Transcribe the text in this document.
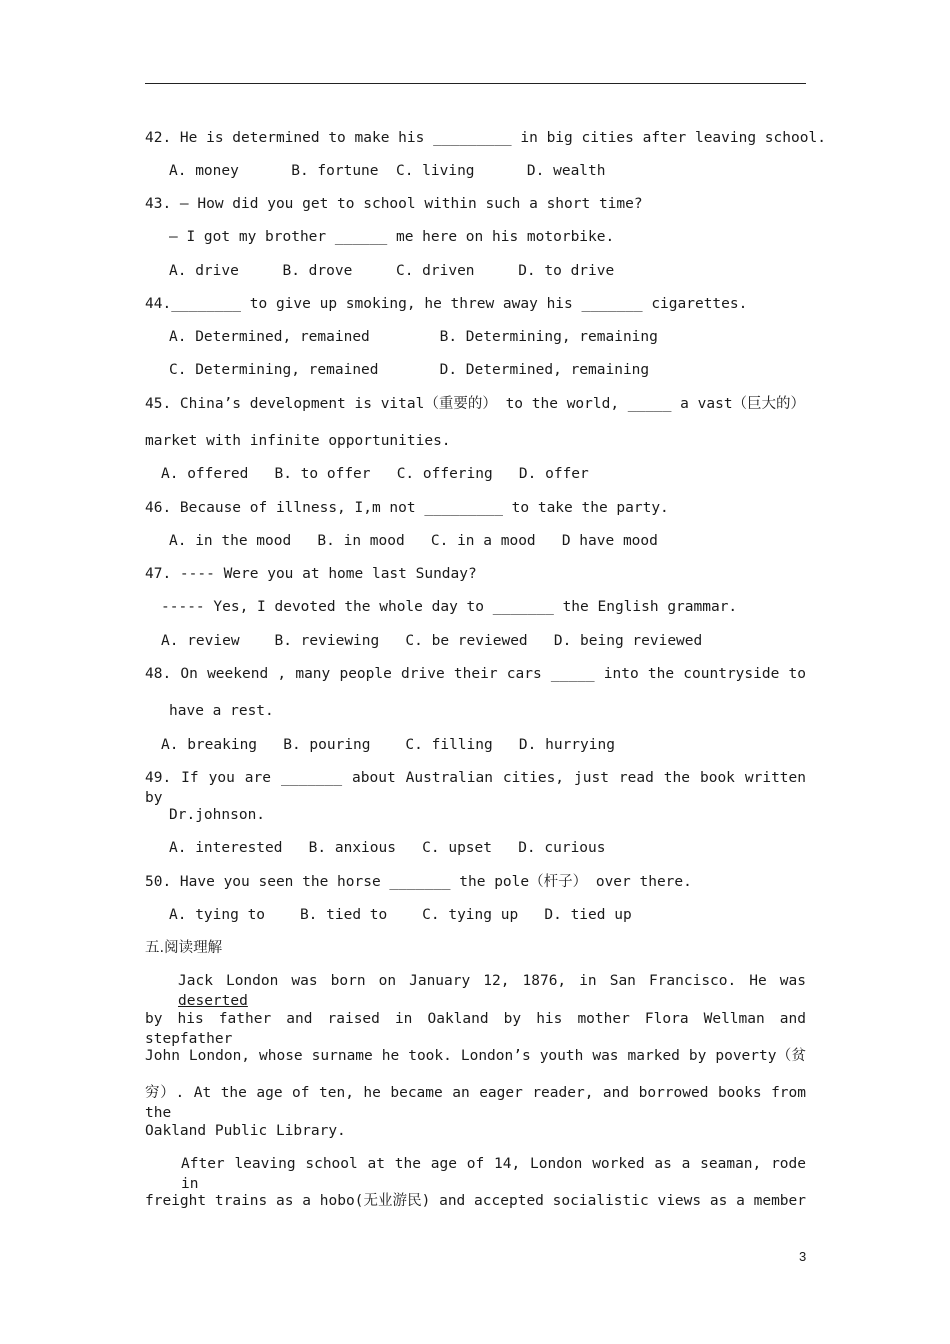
42. He is determined to make his _________ in big cities after leaving school.
A. money      B. fortune  C. living      D. wealth
43. — How did you get to school within such a short time?
— I got my brother ______ me here on his motorbike.
A. drive     B. drove     C. driven     D. to drive
44.________ to give up smoking, he threw away his _______ cigarettes.
A. Determined, remained        B. Determining, remaining
C. Determining, remained       D. Determined, remaining
45. China’s development is vital（重要的） to the world, _____ a vast（巨大的）
market with infinite opportunities.
A. offered   B. to offer   C. offering   D. offer
46. Because of illness, I,m not _________ to take the party.
A. in the mood   B. in mood   C. in a mood   D have mood
47. ---- Were you at home last Sunday?
----- Yes, I devoted the whole day to _______ the English grammar.
A. review    B. reviewing   C. be reviewed   D. being reviewed
48. On weekend , many people drive their cars _____ into the countryside to
have a rest.
A. breaking   B. pouring    C. filling   D. hurrying
49. If you are _______ about Australian cities, just read the book written by
Dr.johnson.
A. interested   B. anxious   C. upset   D. curious
50. Have you seen the horse _______ the pole（杆子） over there.
A. tying to    B. tied to    C. tying up   D. tied up
五.阅读理解
Jack London was born on January 12, 1876, in San Francisco. He was deserted
by his father and raised in Oakland by his mother Flora Wellman and stepfather
John London, whose surname he took. London’s youth was marked by poverty（贫
穷）. At the age of ten, he became an eager reader, and borrowed books from the
Oakland Public Library.
After leaving school at the age of 14, London worked as a seaman, rode in
freight trains as a hobo(无业游民) and accepted socialistic views as a member
3
